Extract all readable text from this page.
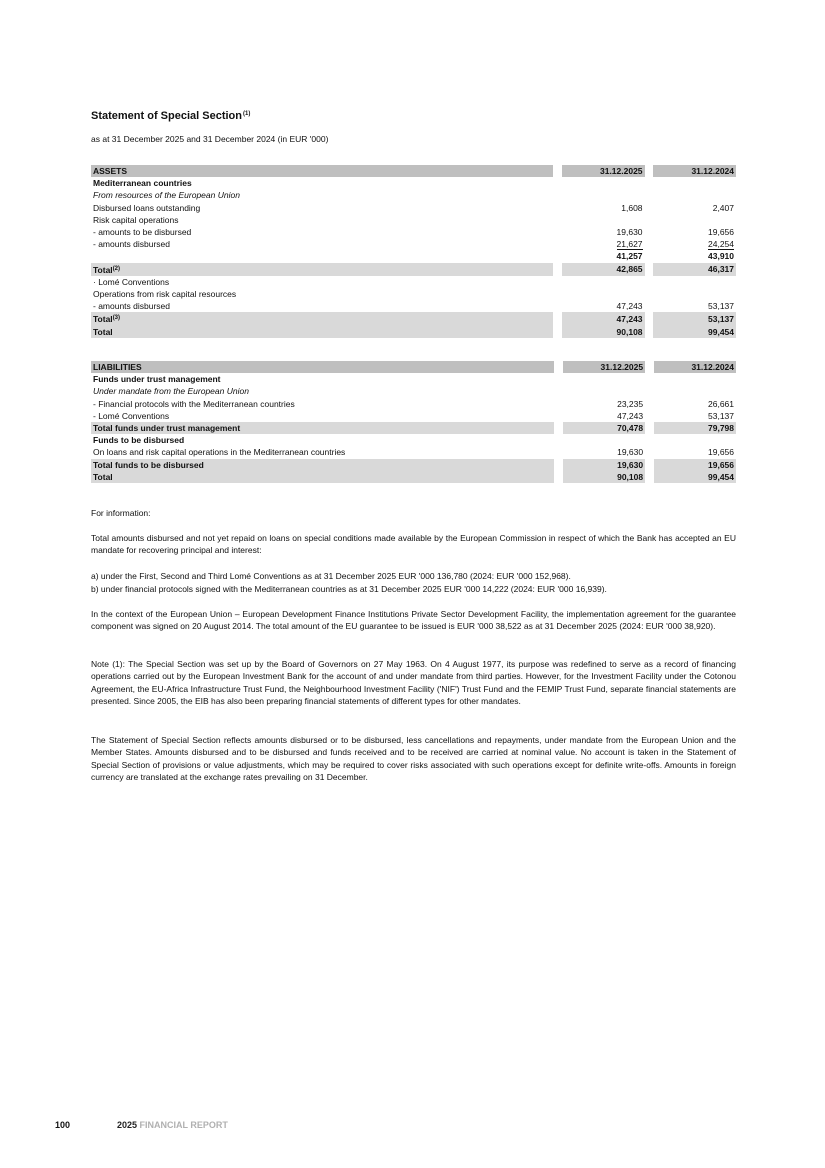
Statement of Special Section$^{(1)}$
as at 31 December 2025 and 31 December 2024 (in EUR '000)
ASSETS		31.12.2025		31.12.2024
Mediterranean countries				
From resources of the European Union				
Disbursed loans outstanding		1,608		2,407
Risk capital operations				
- amounts to be disbursed		19,630		19,656
- amounts disbursed		21,627		24,254
		41,257		43,910
Total$^{(2)}$		42,865		46,317
· Lomé Conventions				
Operations from risk capital resources				
- amounts disbursed		47,243		53,137
Total$^{(3)}$		47,243		53,137
Total		90,108		99,454
LIABILITIES		31.12.2025		31.12.2024
Funds under trust management				
Under mandate from the European Union				
- Financial protocols with the Mediterranean countries		23,235		26,661
- Lomé Conventions		47,243		53,137
Total funds under trust management		70,478		79,798
Funds to be disbursed				
On loans and risk capital operations in the Mediterranean countries		19,630		19,656
Total funds to be disbursed		19,630		19,656
Total		90,108		99,454
For information:
Total amounts disbursed and not yet repaid on loans on special conditions made available by the European Commission in respect of which the Bank has accepted an EU mandate for recovering principal and interest:
a) under the First, Second and Third Lomé Conventions as at 31 December 2025 EUR '000 136,780 (2024: EUR '000 152,968).
b) under financial protocols signed with the Mediterranean countries as at 31 December 2025 EUR '000 14,222 (2024: EUR '000 16,939).
In the context of the European Union – European Development Finance Institutions Private Sector Development Facility, the implementation agreement for the guarantee component was signed on 20 August 2014. The total amount of the EU guarantee to be issued is EUR '000 38,522 as at 31 December 2025 (2024: EUR '000 38,920).
Note (1): The Special Section was set up by the Board of Governors on 27 May 1963. On 4 August 1977, its purpose was redefined to serve as a record of financing operations carried out by the European Investment Bank for the account of and under mandate from third parties. However, for the Investment Facility under the Cotonou Agreement, the EU-Africa Infrastructure Trust Fund, the Neighbourhood Investment Facility ('NIF') Trust Fund and the FEMIP Trust Fund, separate financial statements are presented. Since 2005, the EIB has also been preparing financial statements of different types for other mandates.
The Statement of Special Section reflects amounts disbursed or to be disbursed, less cancellations and repayments, under mandate from the European Union and the Member States. Amounts disbursed and to be disbursed and funds received and to be received are carried at nominal value. No account is taken in the Statement of Special Section of provisions or value adjustments, which may be required to cover risks associated with such operations except for definite write-offs. Amounts in foreign currency are translated at the exchange rates prevailing on 31 December.
100	2025 FINANCIAL REPORT
